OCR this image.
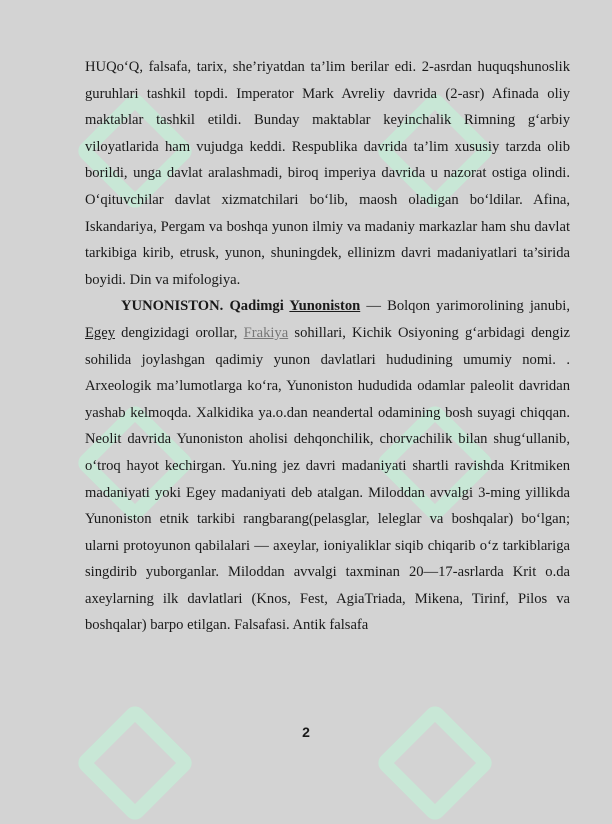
HUQo‘Q, falsafa, tarix, she’riyatdan ta’lim berilar edi. 2-asrdan huquqshunoslik guruhlari tashkil topdi. Imperator Mark Avreliy davrida (2-asr) Afinada oliy maktablar tashkil etildi. Bunday maktablar keyinchalik Rimning g‘arbiy viloyatlarida ham vujudga keddi. Respublika davrida ta’lim xususiy tarzda olib borildi, unga davlat aralashmadi, biroq imperiya davrida u nazorat ostiga olindi. O‘qituvchilar davlat xizmatchilari bo‘lib, maosh oladigan bo‘ldilar. Afina, Iskandariya, Pergam va boshqa yunon ilmiy va madaniy markazlar ham shu davlat tarkibiga kirib, etrusk, yunon, shuningdek, ellinizm davri madaniyatlari ta’sirida boyidi. Din va mifologiya.

YUNONISTON. Qadimgi Yunoniston — Bolqon yarimorolining janubi, Egey dengizidagi orollar, Frakiya sohillari, Kichik Osiyoning g‘arbidagi dengiz sohilida joylashgan qadimiy yunon davlatlari hududining umumiy nomi. . Arxeologik ma’lumotlarga ko‘ra, Yunoniston hududida odamlar paleolit davridan yashab kelmoqda. Xalkidika ya.o.dan neandertal odamining bosh suyagi chiqqan. Neolit davrida Yunoniston aholisi dehqonchilik, chorvachilik bilan shug‘ullanib, o‘troq hayot kechirgan. Yu.ning jez davri madaniyati shartli ravishda Kritmiken madaniyati yoki Egey madaniyati deb atalgan. Miloddan avvalgi 3-ming yillikda Yunoniston etnik tarkibi rangbarang(pelasglar, leleglar va boshqalar) bo‘lgan; ularni protoyunon qabilalari — axeylar, ioniyaliklar siqib chiqarib o‘z tarkiblariga singdirib yuborganlar. Miloddan avvalgi taxminan 20—17-asrlarda Krit o.da axeylarning ilk davlatlari (Knos, Fest, AgiaTriada, Mikena, Tirinf, Pilos va boshqalar) barpo etilgan. Falsafasi. Antik falsafa

2
